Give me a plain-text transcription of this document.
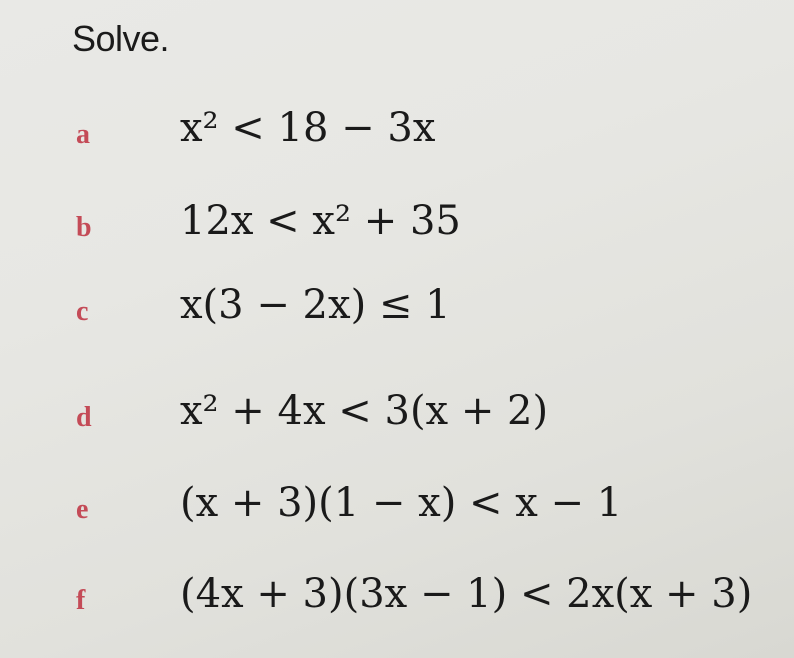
Solve.
a x² < 18 − 3x
b 12x < x² + 35
c x(3 − 2x) ≤ 1
d x² + 4x < 3(x + 2)
e (x + 3)(1 − x) < x − 1
f	(4x + 3)(3x − 1) < 2x(x + 3)
